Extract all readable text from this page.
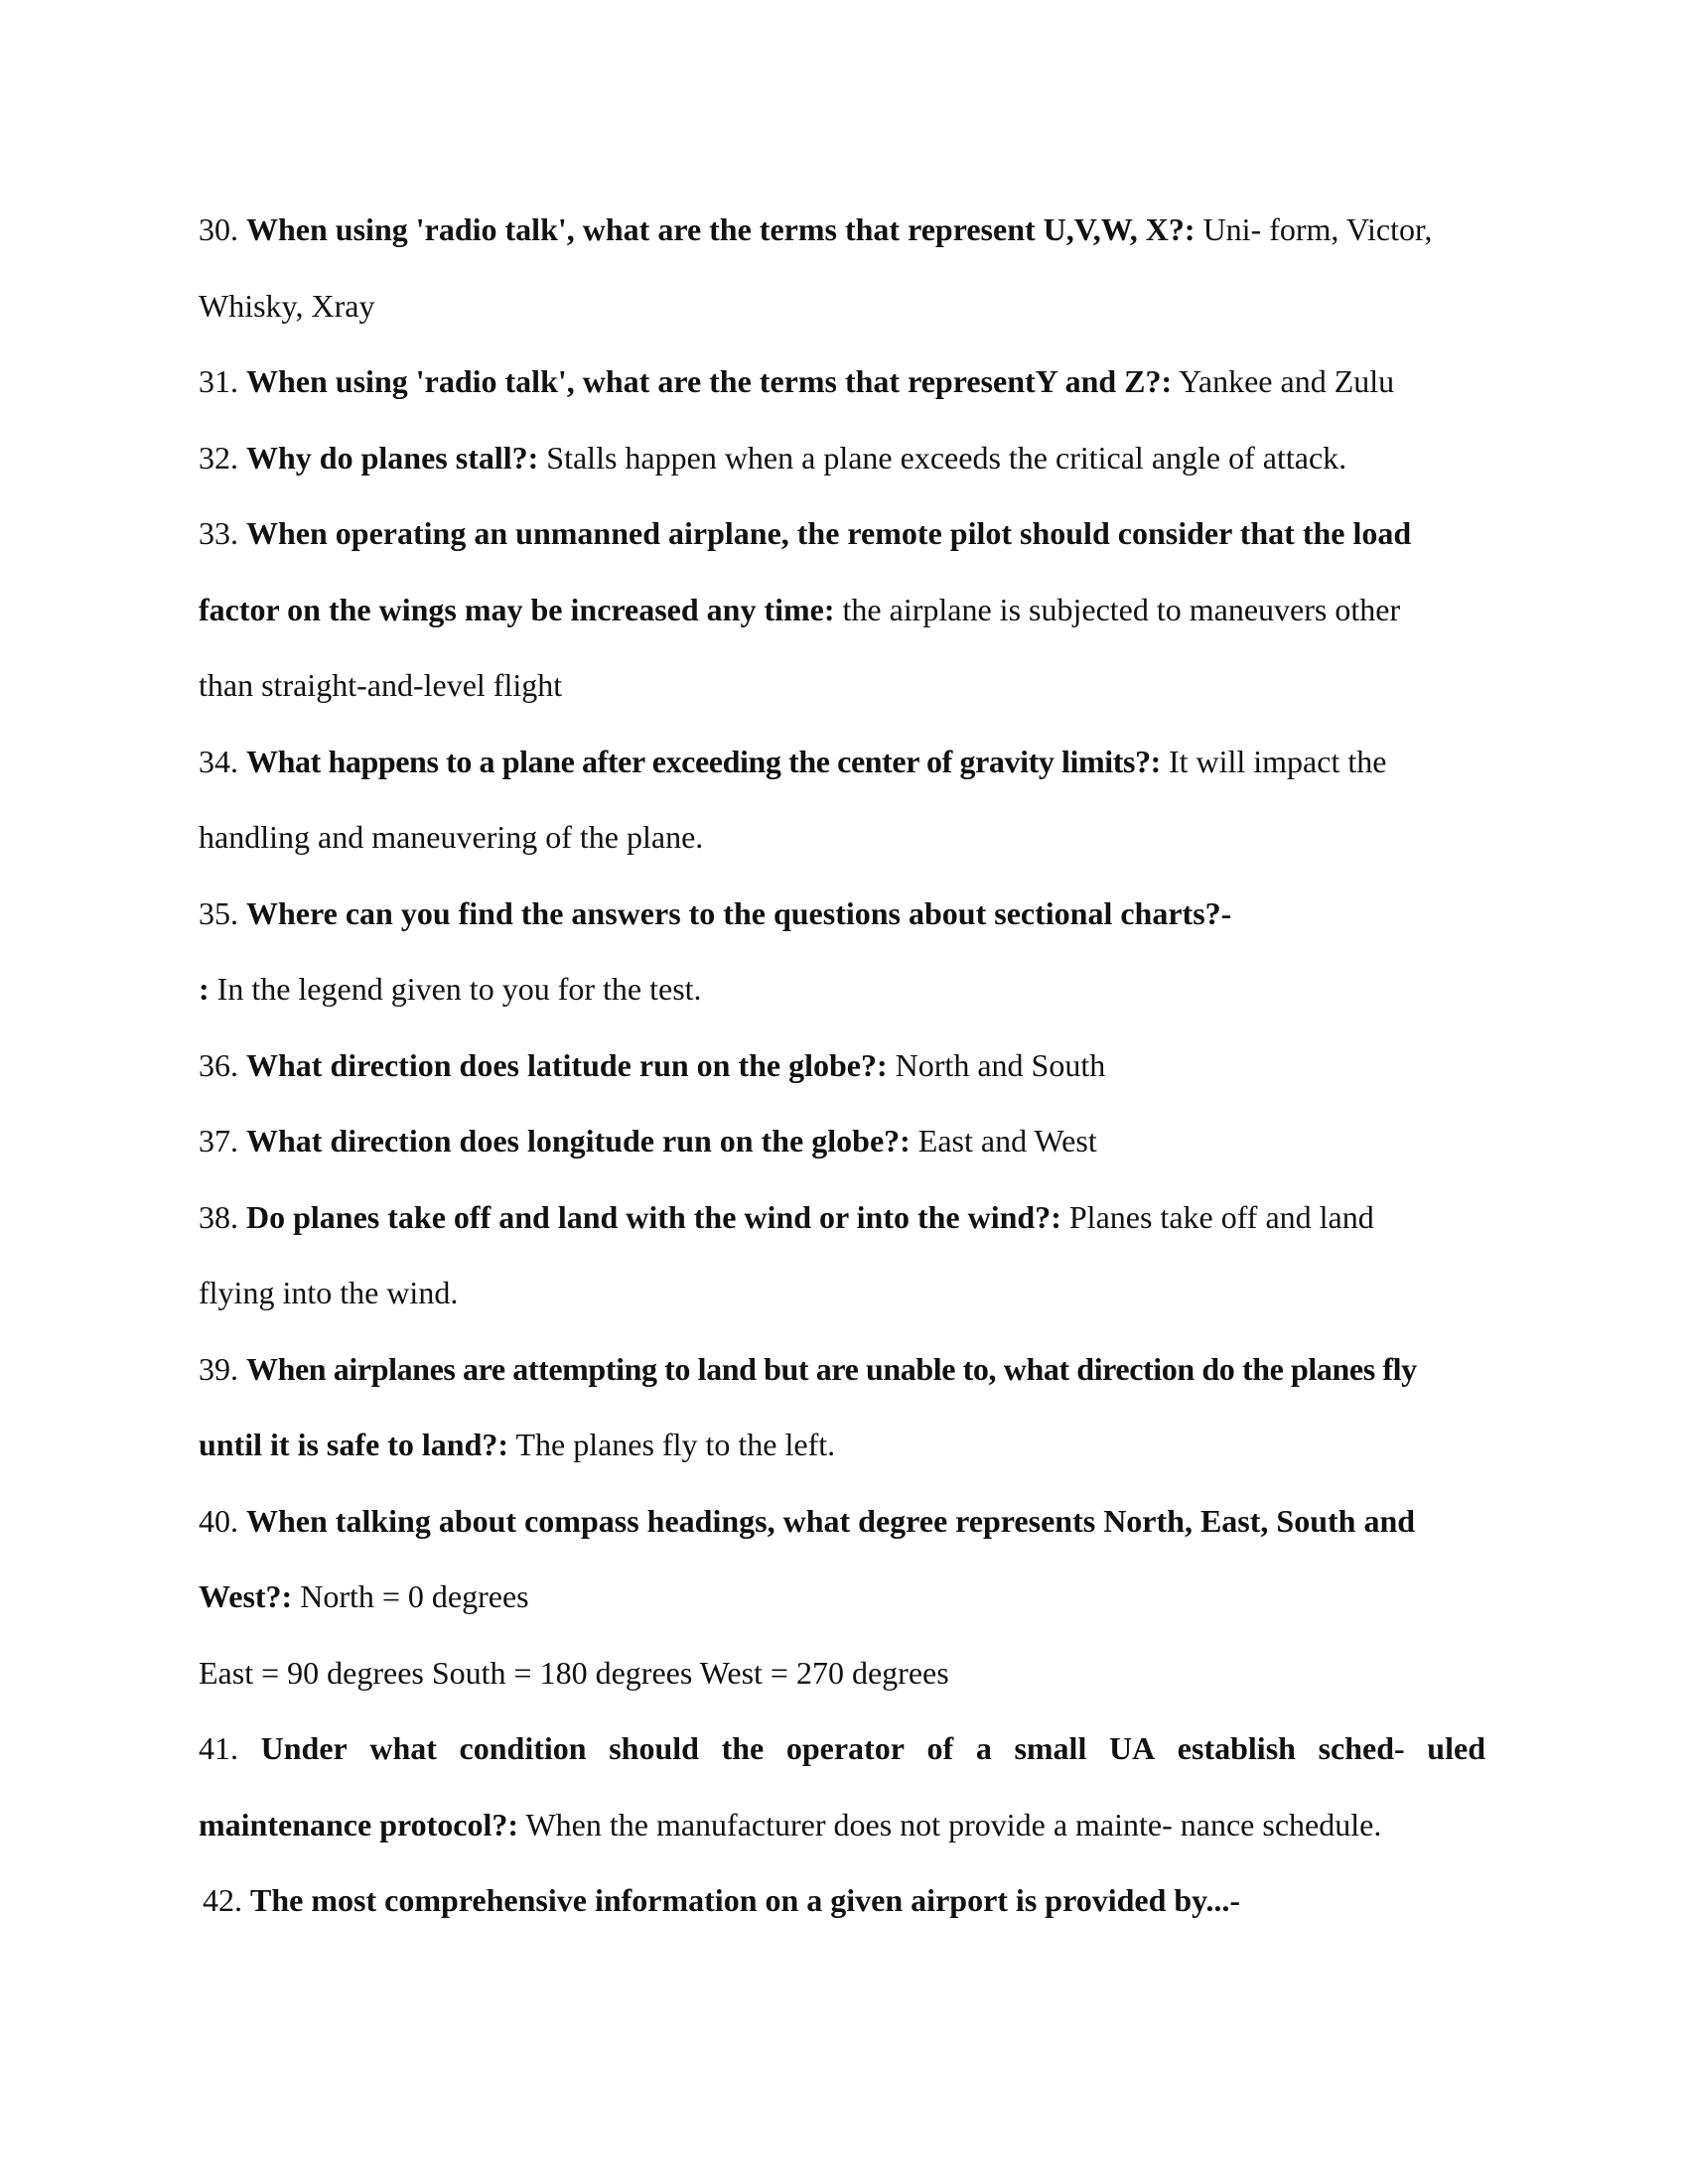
30. When using 'radio talk', what are the terms that represent U,V,W, X?: Uni- form, Victor,
Whisky, Xray
31. When using 'radio talk', what are the terms that representY and Z?: Yankee and Zulu
32. Why do planes stall?: Stalls happen when a plane exceeds the critical angle of attack.
33. When operating an unmanned airplane, the remote pilot should consider that the load
factor on the wings may be increased any time: the airplane is subjected to maneuvers other
than straight-and-level flight
34. What happens to a plane after exceeding the center of gravity limits?: It will impact the
handling and maneuvering of the plane.
35. Where can you find the answers to the questions about sectional charts?-
: In the legend given to you for the test.
36. What direction does latitude run on the globe?: North and South
37. What direction does longitude run on the globe?: East and West
38. Do planes take off and land with the wind or into the wind?: Planes take off and land
flying into the wind.
39. When airplanes are attempting to land but are unable to, what direction do the planes fly
until it is safe to land?: The planes fly to the left.
40. When talking about compass headings, what degree represents North, East, South and
West?: North = 0 degrees
East = 90 degrees South = 180 degrees West = 270 degrees
41. Under what condition should the operator of a small UA establish sched- uled
maintenance protocol?: When the manufacturer does not provide a mainte- nance schedule.
42. The most comprehensive information on a given airport is provided by...-
